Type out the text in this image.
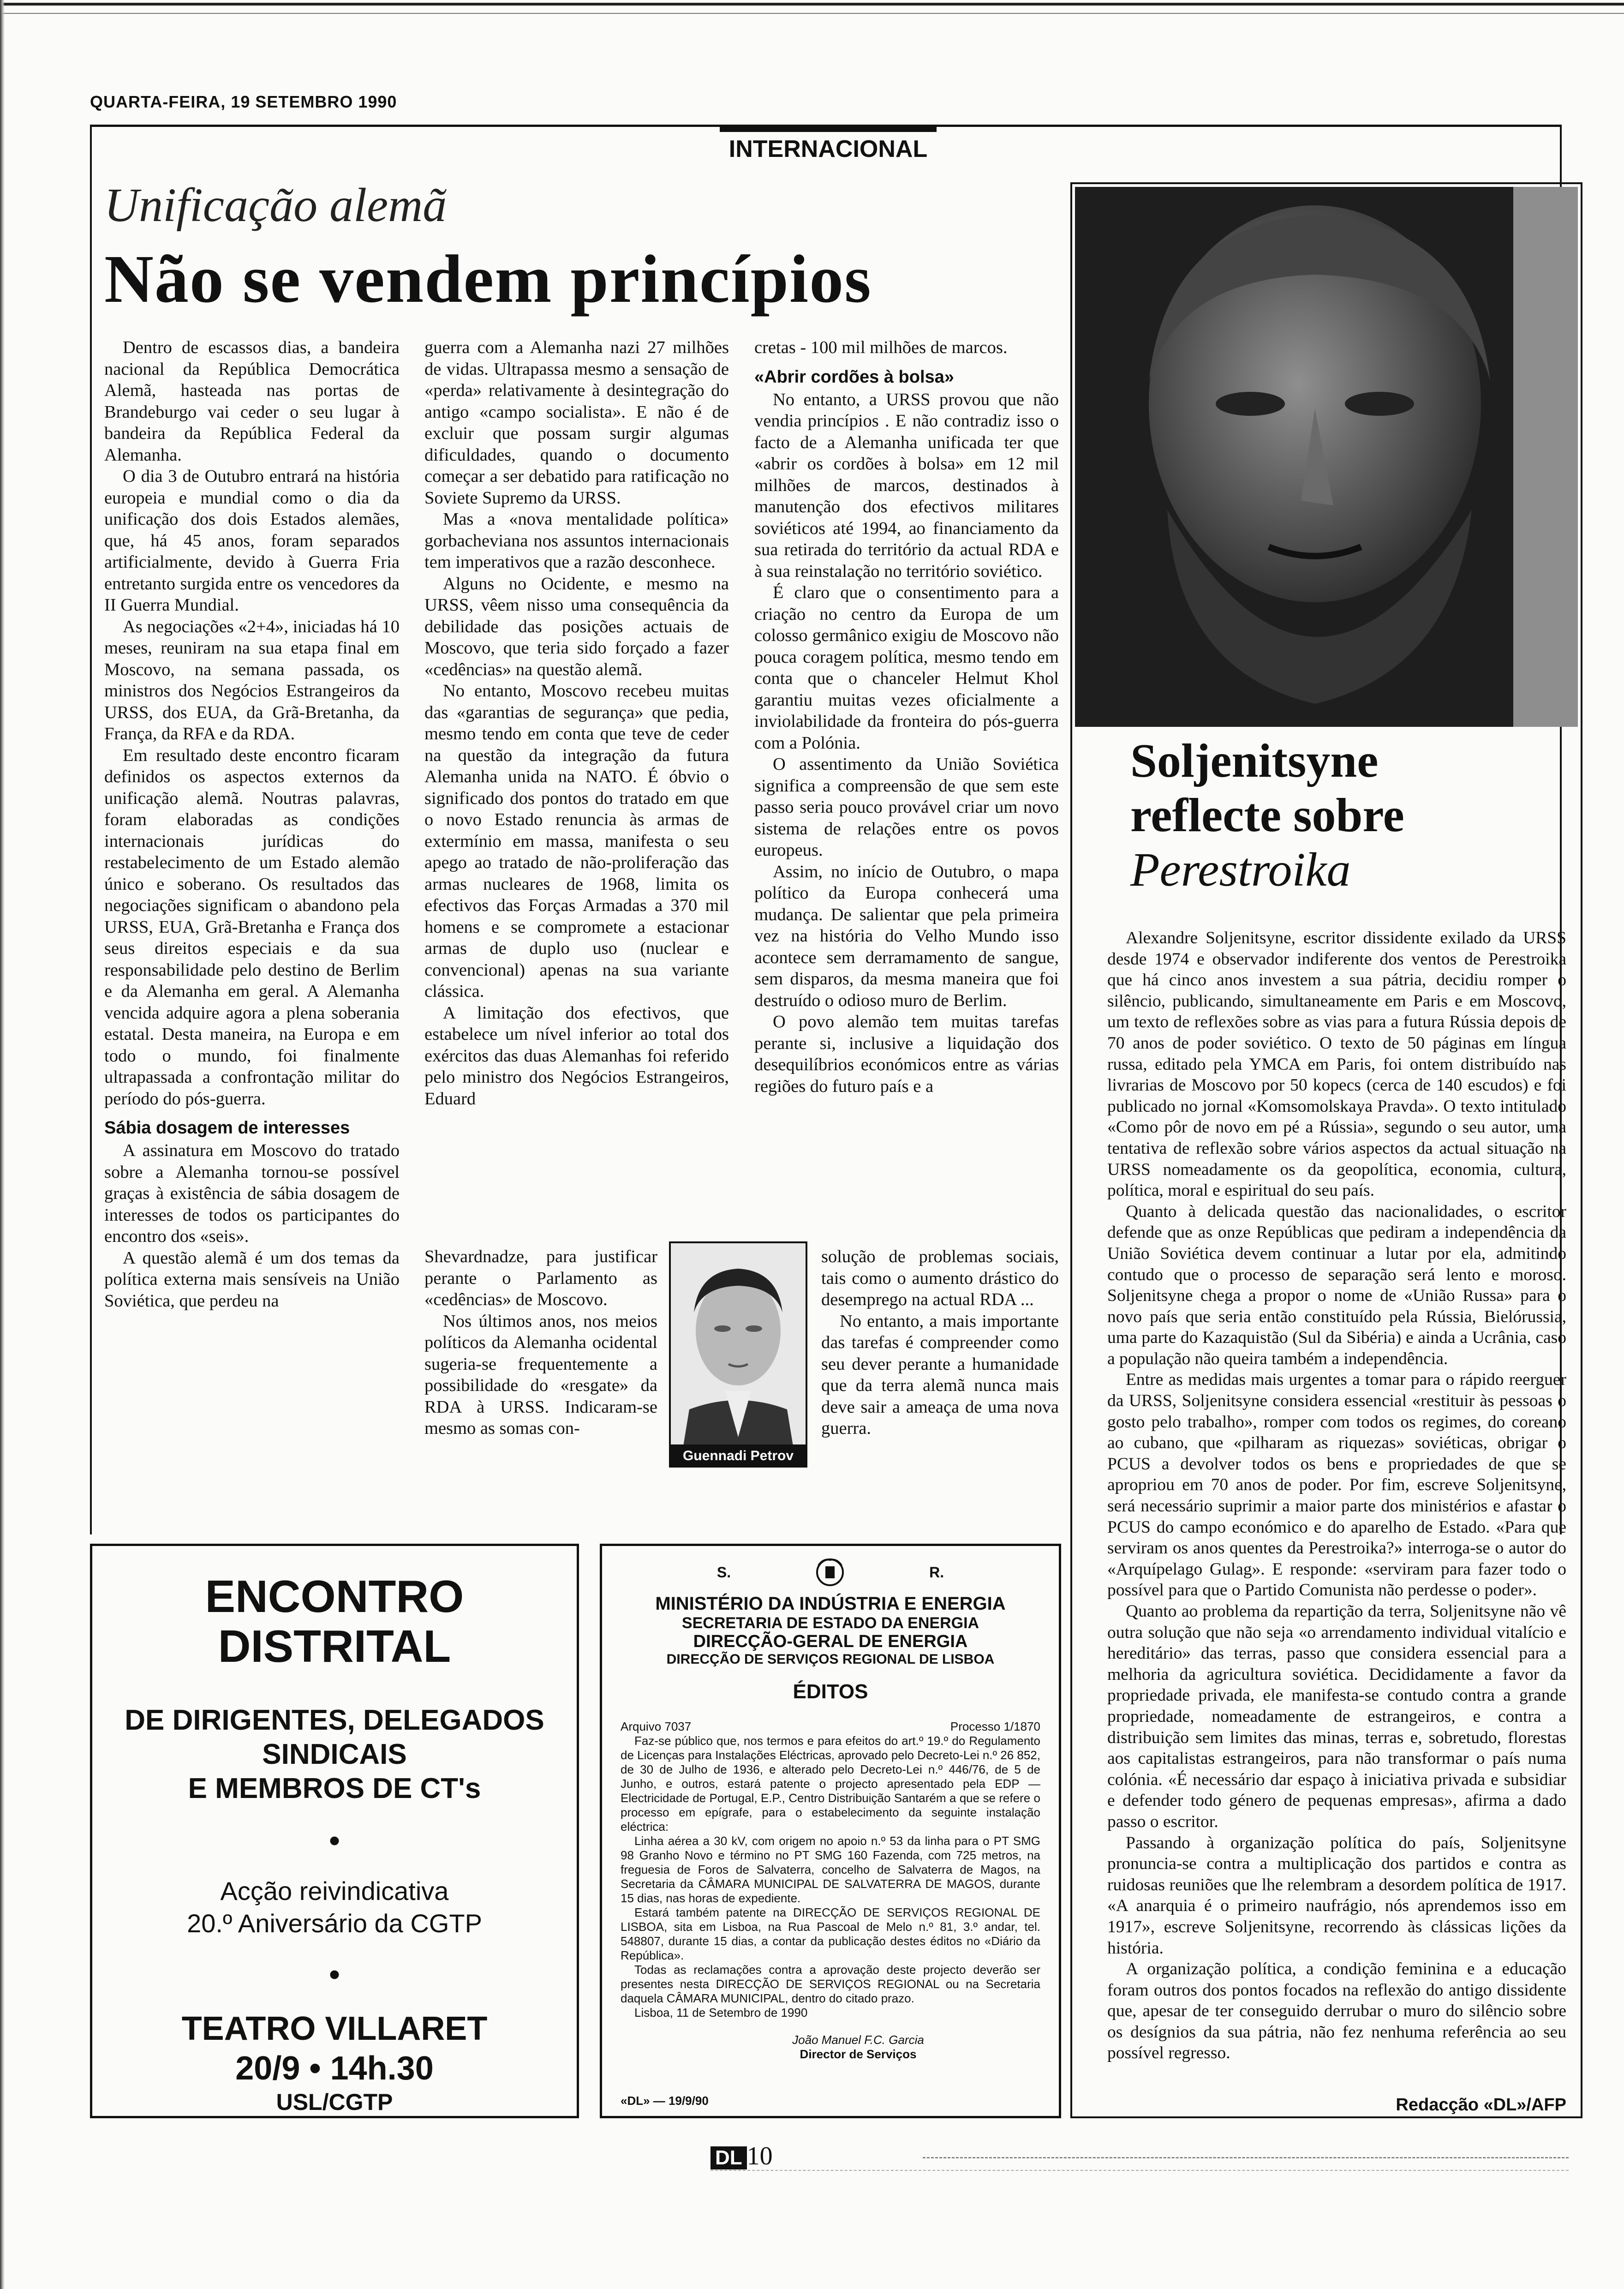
QUARTA-FEIRA, 19 SETEMBRO 1990
INTERNACIONAL
Unificação alemã
Não se vendem princípios

Dentro de escassos dias, a bandeira nacional da República Democrática Alemã, hasteada nas portas de Brandeburgo vai ceder o seu lugar à bandeira da República Federal da Alemanha.

O dia 3 de Outubro entrará na história europeia e mundial como o dia da unificação dos dois Estados alemães, que, há 45 anos, foram separados artificialmente, devido à Guerra Fria entretanto surgida entre os vencedores da II Guerra Mundial.

As negociações «2+4», iniciadas há 10 meses, reuniram na sua etapa final em Moscovo, na semana passada, os ministros dos Negócios Estrangeiros da URSS, dos EUA, da Grã-Bretanha, da França, da RFA e da RDA.

Em resultado deste encontro ficaram definidos os aspectos externos da unificação alemã. Noutras palavras, foram elaboradas as condições internacionais jurídicas do restabelecimento de um Estado alemão único e soberano. Os resultados das negociações significam o abandono pela URSS, EUA, Grã-Bretanha e França dos seus direitos especiais e da sua responsabilidade pelo destino de Berlim e da Alemanha em geral. A Alemanha vencida adquire agora a plena soberania estatal. Desta maneira, na Europa e em todo o mundo, foi finalmente ultrapassada a confrontação militar do período do pós-guerra.

Sábia dosagem de interesses

A assinatura em Moscovo do tratado sobre a Alemanha tornou-se possível graças à existência de sábia dosagem de interesses de todos os participantes do encontro dos «seis».

A questão alemã é um dos temas da política externa mais sensíveis na União Soviética, que perdeu na

guerra com a Alemanha nazi 27 milhões de vidas. Ultrapassa mesmo a sensação de «perda» relativamente à desintegração do antigo «campo socialista». E não é de excluir que possam surgir algumas dificuldades, quando o documento começar a ser debatido para ratificação no Soviete Supremo da URSS.

Mas a «nova mentalidade política» gorbacheviana nos assuntos internacionais tem imperativos que a razão desconhece.

Alguns no Ocidente, e mesmo na URSS, vêem nisso uma consequência da debilidade das posições actuais de Moscovo, que teria sido forçado a fazer «cedências» na questão alemã.

No entanto, Moscovo recebeu muitas das «garantias de segurança» que pedia, mesmo tendo em conta que teve de ceder na questão da integração da futura Alemanha unida na NATO. É óbvio o significado dos pontos do tratado em que o novo Estado renuncia às armas de extermínio em massa, manifesta o seu apego ao tratado de não-proliferação das armas nucleares de 1968, limita os efectivos das Forças Armadas a 370 mil homens e se compromete a estacionar armas de duplo uso (nuclear e convencional) apenas na sua variante clássica.

A limitação dos efectivos, que estabelece um nível inferior ao total dos exércitos das duas Alemanhas foi referido pelo ministro dos Negócios Estrangeiros, Eduard

Shevardnadze, para justificar perante o Parlamento as «cedências» de Moscovo.

Nos últimos anos, nos meios políticos da Alemanha ocidental sugeria-se frequentemente a possibilidade do «resgate» da RDA à URSS. Indicaram-se mesmo as somas con-

cretas - 100 mil milhões de marcos.

«Abrir cordões à bolsa»

No entanto, a URSS provou que não vendia princípios . E não contradiz isso o facto de a Alemanha unificada ter que «abrir os cordões à bolsa» em 12 mil milhões de marcos, destinados à manutenção dos efectivos militares soviéticos até 1994, ao financiamento da sua retirada do território da actual RDA e à sua reinstalação no território soviético.

É claro que o consentimento para a criação no centro da Europa de um colosso germânico exigiu de Moscovo não pouca coragem política, mesmo tendo em conta que o chanceler Helmut Khol garantiu muitas vezes oficialmente a inviolabilidade da fronteira do pós-guerra com a Polónia.

O assentimento da União Soviética significa a compreensão de que sem este passo seria pouco provável criar um novo sistema de relações entre os povos europeus.

Assim, no início de Outubro, o mapa político da Europa conhecerá uma mudança. De salientar que pela primeira vez na história do Velho Mundo isso acontece sem derramamento de sangue, sem disparos, da mesma maneira que foi destruído o odioso muro de Berlim.

O povo alemão tem muitas tarefas perante si, inclusive a liquidação dos desequilíbrios económicos entre as várias regiões do futuro país e a

solução de problemas sociais, tais como o aumento drástico do desemprego na actual RDA ...

No entanto, a mais importante das tarefas é compreender como seu dever perante a humanidade que da terra alemã nunca mais deve sair a ameaça de uma nova guerra.

Guennadi Petrov
Soljenitsyne
reflecte sobre
Perestroika

Alexandre Soljenitsyne, escritor dissidente exilado da URSS desde 1974 e observador indiferente dos ventos de Perestroika que há cinco anos investem a sua pátria, decidiu romper o silêncio, publicando, simultaneamente em Paris e em Moscovo, um texto de reflexões sobre as vias para a futura Rússia depois de 70 anos de poder soviético. O texto de 50 páginas em língua russa, editado pela YMCA em Paris, foi ontem distribuído nas livrarias de Moscovo por 50 kopecs (cerca de 140 escudos) e foi publicado no jornal «Komsomolskaya Pravda». O texto intitulado «Como pôr de novo em pé a Rússia», segundo o seu autor, uma tentativa de reflexão sobre vários aspectos da actual situação na URSS nomeadamente os da geopolítica, economia, cultura, política, moral e espiritual do seu país.

Quanto à delicada questão das nacionalidades, o escritor defende que as onze Repúblicas que pediram a independência da União Soviética devem continuar a lutar por ela, admitindo contudo que o processo de separação será lento e moroso. Soljenitsyne chega a propor o nome de «União Russa» para o novo país que seria então constituído pela Rússia, Bielórussia, uma parte do Kazaquistão (Sul da Sibéria) e ainda a Ucrânia, caso a população não queira também a independência.

Entre as medidas mais urgentes a tomar para o rápido reerguer da URSS, Soljenitsyne considera essencial «restituir às pessoas o gosto pelo trabalho», romper com todos os regimes, do coreano ao cubano, que «pilharam as riquezas» soviéticas, obrigar o PCUS a devolver todos os bens e propriedades de que se apropriou em 70 anos de poder. Por fim, escreve Soljenitsyne, será necessário suprimir a maior parte dos ministérios e afastar o PCUS do campo económico e do aparelho de Estado. «Para que serviram os anos quentes da Perestroika?» interroga-se o autor do «Arquípelago Gulag». E responde: «serviram para fazer todo o possível para que o Partido Comunista não perdesse o poder».

Quanto ao problema da repartição da terra, Soljenitsyne não vê outra solução que não seja «o arrendamento individual vitalício e hereditário» das terras, passo que considera essencial para a melhoria da agricultura soviética. Decididamente a favor da propriedade privada, ele manifesta-se contudo contra a grande propriedade, nomeadamente de estrangeiros, e contra a distribuição sem limites das minas, terras e, sobretudo, florestas aos capitalistas estrangeiros, para não transformar o país numa colónia. «É necessário dar espaço à iniciativa privada e subsidiar e defender todo género de pequenas empresas», afirma a dado passo o escritor.

Passando à organização política do país, Soljenitsyne pronuncia-se contra a multiplicação dos partidos e contra as ruidosas reuniões que lhe relembram a desordem política de 1917. «A anarquia é o primeiro naufrágio, nós aprendemos isso em 1917», escreve Soljenitsyne, recorrendo às clássicas lições da história.

A organização política, a condição feminina e a educação foram outros dos pontos focados na reflexão do antigo dissidente que, apesar de ter conseguido derrubar o muro do silêncio sobre os desígnios da sua pátria, não fez nenhuma referência ao seu possível regresso.

Redacção «DL»/AFP
ENCONTRO
DISTRITAL
DE DIRIGENTES, DELEGADOS
SINDICAIS
E MEMBROS DE CT's
•
Acção reivindicativa
20.º Aniversário da CGTP
•
TEATRO VILLARET
20/9 • 14h.30
USL/CGTP
S.	R.
MINISTÉRIO DA INDÚSTRIA E ENERGIA
SECRETARIA DE ESTADO DA ENERGIA
DIRECÇÃO-GERAL DE ENERGIA
DIRECÇÃO DE SERVIÇOS REGIONAL DE LISBOA
ÉDITOS
Arquivo 7037	Processo 1/1870

Faz-se público que, nos termos e para efeitos do art.º 19.º do Regulamento de Licenças para Instalações Eléctricas, aprovado pelo Decreto-Lei n.º 26 852, de 30 de Julho de 1936, e alterado pelo Decreto-Lei n.º 446/76, de 5 de Junho, e outros, estará patente o projecto apresentado pela EDP — Electricidade de Portugal, E.P., Centro Distribuição Santarém a que se refere o processo em epígrafe, para o estabelecimento da seguinte instalação eléctrica:

Linha aérea a 30 kV, com origem no apoio n.º 53 da linha para o PT SMG 98 Granho Novo e término no PT SMG 160 Fazenda, com 725 metros, na freguesia de Foros de Salvaterra, concelho de Salvaterra de Magos, na Secretaria da CÂMARA MUNICIPAL DE SALVATERRA DE MAGOS, durante 15 dias, nas horas de expediente.

Estará também patente na DIRECÇÃO DE SERVIÇOS REGIONAL DE LISBOA, sita em Lisboa, na Rua Pascoal de Melo n.º 81, 3.º andar, tel. 548807, durante 15 dias, a contar da publicação destes éditos no «Diário da República».

Todas as reclamações contra a aprovação deste projecto deverão ser presentes nesta DIRECÇÃO DE SERVIÇOS REGIONAL ou na Secretaria daquela CÂMARA MUNICIPAL, dentro do citado prazo.

Lisboa, 11 de Setembro de 1990

João Manuel F.C. Garcia
Director de Serviços
«DL» — 19/9/90
DL 10
